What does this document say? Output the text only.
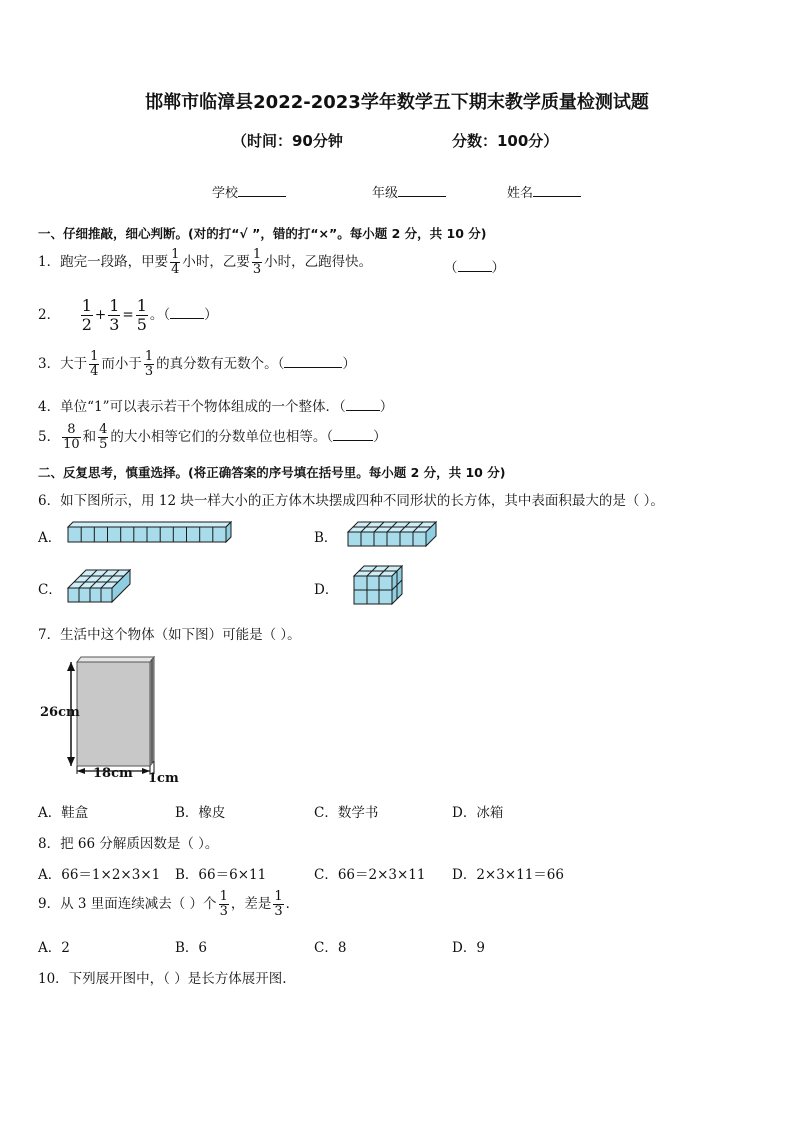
邯郸市临漳县2022-2023学年数学五下期末教学质量检测试题
（时间：90分钟	分数：100分）
学校	年级	姓名
一、仔细推敲，细心判断。(对的打“√ ”，错的打“×”。每小题 2 分，共 10 分)
1．跑完一段路，甲要 $\frac{1}{4}$ 小时，乙要 $\frac{1}{3}$ 小时，乙跑得快。	（	）
2． $\frac{1}{2} + \frac{1}{3} = \frac{1}{5}$ 。（	）
3．大于 $\frac{1}{4}$ 而小于 $\frac{1}{3}$ 的真分数有无数个。（	）
4．单位“1”可以表示若干个物体组成的一个整体．（	）
5． $\frac{8}{10}$ 和 $\frac{4}{5}$ 的大小相等它们的分数单位也相等。（	）
二、反复思考，慎重选择。(将正确答案的序号填在括号里。每小题 2 分，共 10 分)
6．如下图所示，用 12 块一样大小的正方体木块摆成四种不同形状的长方体，其中表面积最大的是（ ）。
A．	B．
C．	D．
7．生活中这个物体（如下图）可能是（ ）。
26cm
18cm 1cm
A．鞋盒	B．橡皮	C．数学书	D．冰箱
8．把 66 分解质因数是（ ）。
A．66＝1×2×3×1 B．66＝6×11	C．66＝2×3×11 D．2×3×11＝66
9．从 3 里面连续减去（ ）个 $\frac{1}{3}$ ，差是 $\frac{1}{3}$ ．
A．2	B．6	C．8	D．9
10．下列展开图中，（ ）是长方体展开图.
